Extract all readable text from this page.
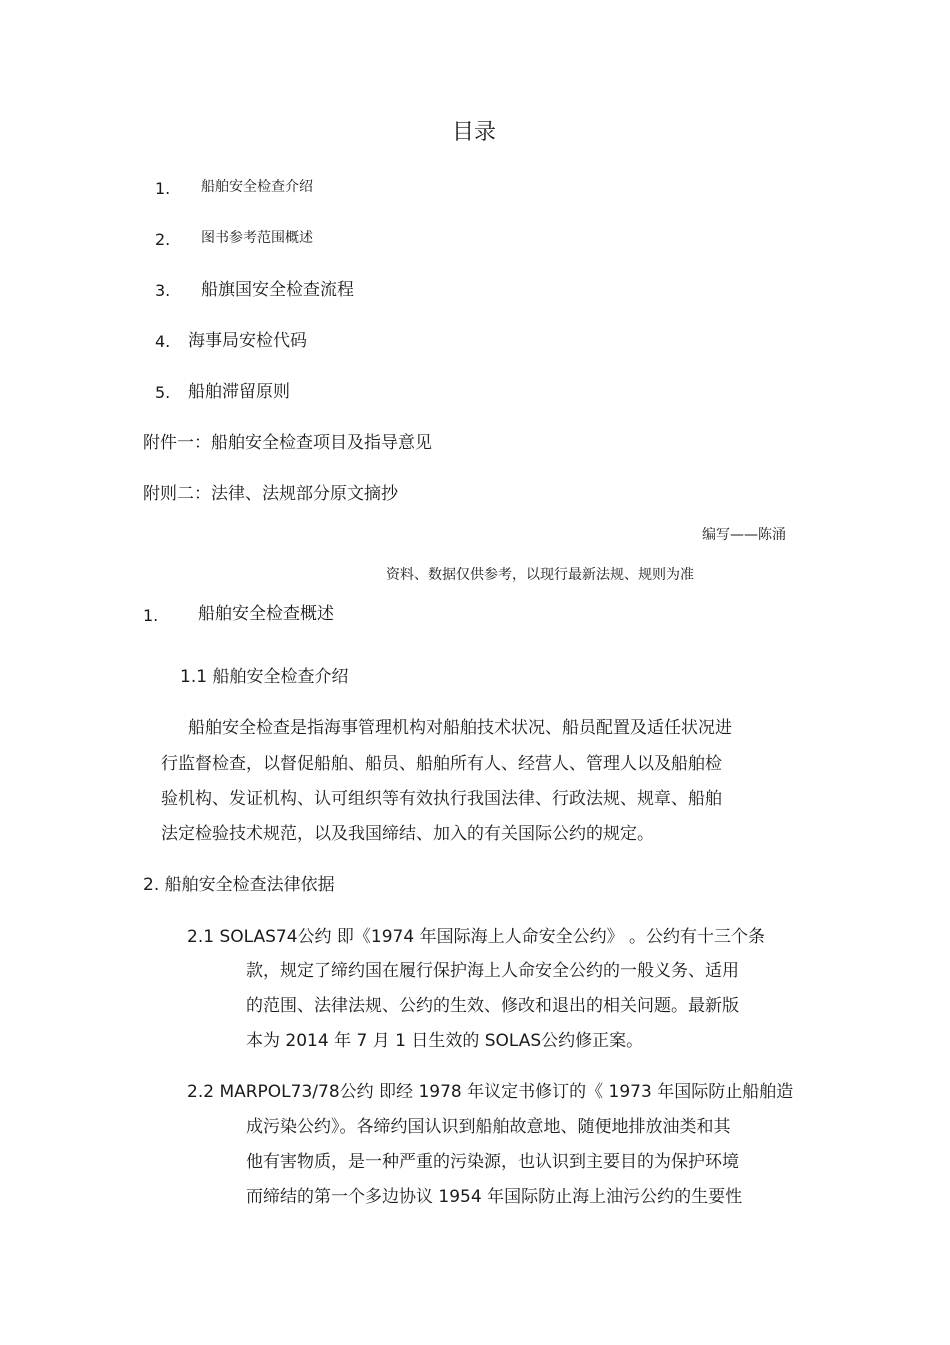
目录
1. 船舶安全检查介绍
2. 图书参考范围概述
3. 船旗国安全检查流程
4. 海事局安检代码
5. 船舶滞留原则
附件一：船舶安全检查项目及指导意见
附则二：法律、法规部分原文摘抄
编写——陈涌
资料、数据仅供参考，以现行最新法规、规则为准
1. 船舶安全检查概述
1.1 船舶安全检查介绍
船舶安全检查是指海事管理机构对船舶技术状况、船员配置及适任状况进
行监督检查，以督促船舶、船员、船舶所有人、经营人、管理人以及船舶检
验机构、发证机构、认可组织等有效执行我国法律、行政法规、规章、船舶
法定检验技术规范，以及我国缔结、加入的有关国际公约的规定。
2. 船舶安全检查法律依据
2.1 SOLAS74公约 即《1974 年国际海上人命安全公约》 。公约有十三个条
款，规定了缔约国在履行保护海上人命安全公约的一般义务、适用
的范围、法律法规、公约的生效、修改和退出的相关问题。最新版
本为 2014 年 7 月 1 日生效的 SOLAS公约修正案。
2.2 MARPOL73/78公约 即经 1978 年议定书修订的《 1973 年国际防止船舶造
成污染公约》。各缔约国认识到船舶故意地、随便地排放油类和其
他有害物质，是一种严重的污染源，也认识到主要目的为保护环境
而缔结的第一个多边协议 1954 年国际防止海上油污公约的生要性
